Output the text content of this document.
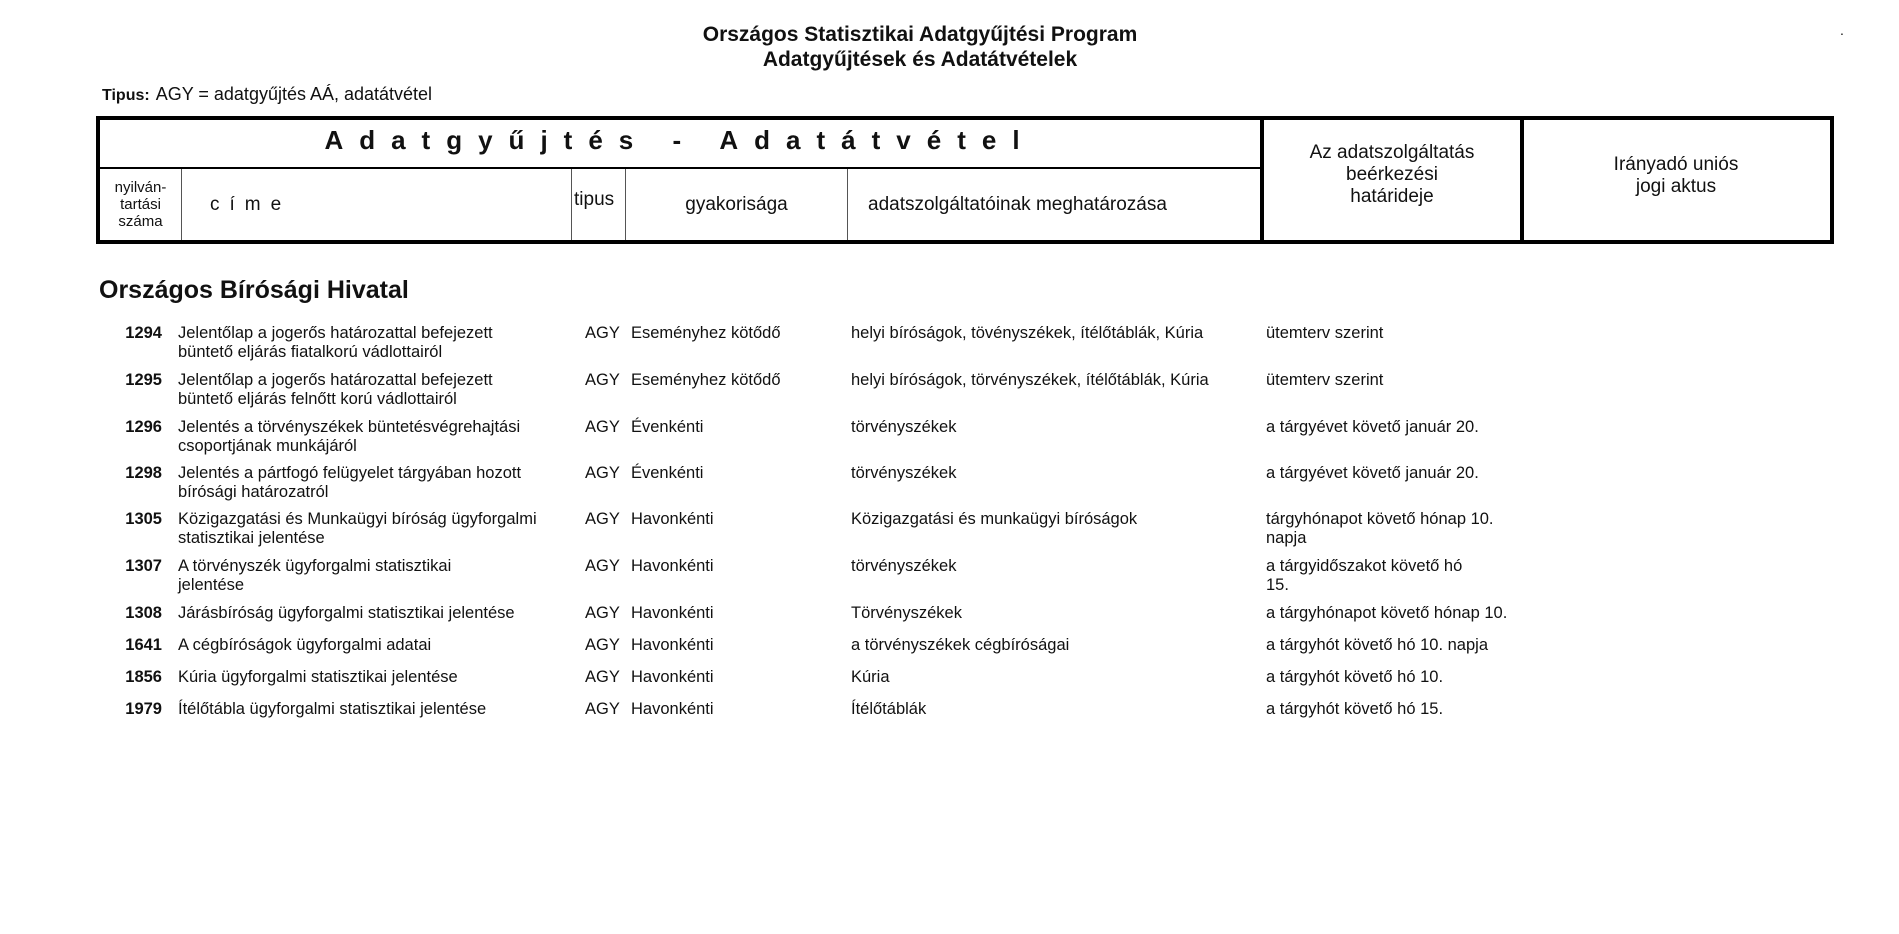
Országos Statisztikai Adatgyűjtési Program
Adatgyűjtések és Adatátvételek
.
Tipus: AGY = adatgyűjtés AÁ, adatátvétel
Adatgyűjtés - Adatátvétel
nyilván-
tartási
száma
címe	tipus	gyakorisága	adatszolgáltatóinak meghatározása
Az adatszolgáltatás
beérkezési
határideje
Irányadó uniós
jogi aktus
Országos Bírósági Hivatal
1294 Jelentőlap a jogerős határozattal befejezett
büntető eljárás fiatalkorú vádlottairól
AGY Eseményhez kötődő	helyi bíróságok, tövényszékek, ítélőtáblák, Kúria	ütemterv szerint
1295 Jelentőlap a jogerős határozattal befejezett
büntető eljárás felnőtt korú vádlottairól
AGY Eseményhez kötődő	helyi bíróságok, törvényszékek, ítélőtáblák, Kúria	ütemterv szerint
1296 Jelentés a törvényszékek büntetésvégrehajtási
csoportjának munkájáról
AGY Évenkénti	törvényszékek	a tárgyévet követő január 20.
1298 Jelentés a pártfogó felügyelet tárgyában hozott
bírósági határozatról
AGY Évenkénti	törvényszékek	a tárgyévet követő január 20.
1305 Közigazgatási és Munkaügyi bíróság ügyforgalmi
statisztikai jelentése
AGY Havonkénti	Közigazgatási és munkaügyi bíróságok	tárgyhónapot követő hónap 10.
napja
1307 A törvényszék ügyforgalmi statisztikai
jelentése
AGY Havonkénti	törvényszékek	a tárgyidőszakot követő hó
15.
1308 Járásbíróság ügyforgalmi statisztikai jelentése	AGY Havonkénti	Törvényszékek	a tárgyhónapot követő hónap 10.
1641 A cégbíróságok ügyforgalmi adatai	AGY Havonkénti	a törvényszékek cégbíróságai	a tárgyhót követő hó 10. napja
1856 Kúria ügyforgalmi statisztikai jelentése	AGY Havonkénti	Kúria	a tárgyhót követő hó 10.
1979 Ítélőtábla ügyforgalmi statisztikai jelentése	AGY Havonkénti	Ítélőtáblák	a tárgyhót követő hó 15.
